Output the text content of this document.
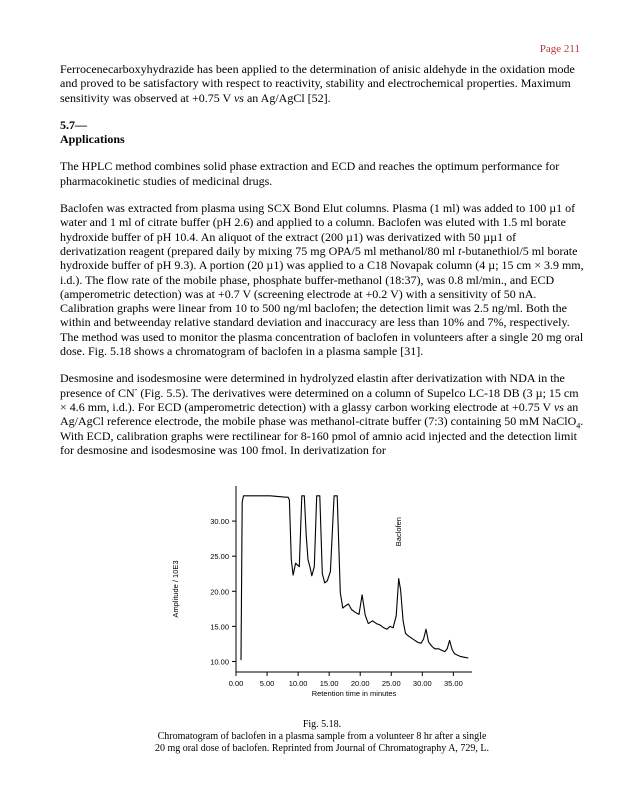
Page 211

Ferrocenecarboxyhydrazide has been applied to the determination of anisic aldehyde in the oxidation mode and proved to be satisfactory with respect to reactivity, stability and electrochemical properties. Maximum sensitivity was observed at +0.75 V vs an Ag/AgCl [52].

5.7—
Applications

The HPLC method combines solid phase extraction and ECD and reaches the optimum performance for pharmacokinetic studies of medicinal drugs.

Baclofen was extracted from plasma using SCX Bond Elut columns. Plasma (1 ml) was added to 100 µ1 of water and 1 ml of citrate buffer (pH 2.6) and applied to a column. Baclofen was eluted with 1.5 ml borate hydroxide buffer of pH 10.4. An aliquot of the extract (200 µ1) was derivatized with 50 µµ1 of derivatization reagent (prepared daily by mixing 75 mg OPA/5 ml methanol/80 ml t-butanethiol/5 ml borate hydroxide buffer of pH 9.3). A portion (20 µ1) was applied to a C18 Novapak column (4 µ; 15 cm × 3.9 mm, i.d.). The flow rate of the mobile phase, phosphate buffer-methanol (18:37), was 0.8 ml/min., and ECD (amperometric detection) was at +0.7 V (screening electrode at +0.2 V) with a sensitivity of 50 nA. Calibration graphs were linear from 10 to 500 ng/ml baclofen; the detection limit was 2.5 ng/ml. Both the within and betweenday relative standard deviation and inaccuracy are less than 10% and 7%, respectively. The method was used to monitor the plasma concentration of baclofen in volunteers after a single 20 mg oral dose. Fig. 5.18 shows a chromatogram of baclofen in a plasma sample [31].

Desmosine and isodesmosine were determined in hydrolyzed elastin after derivatization with NDA in the presence of CN- (Fig. 5.5). The derivatives were determined on a column of Supelco LC-18 DB (3 µ; 15 cm × 4.6 mm, i.d.). For ECD (amperometric detection) with a glassy carbon working electrode at +0.75 V vs an Ag/AgCl reference electrode, the mobile phase was methanol-citrate buffer (7:3) containing 50 mM NaClO$_4$. With ECD, calibration graphs were rectilinear for 8-160 pmol of amnio acid injected and the detection limit for desmosine and isodesmosine was 100 fmol. In derivatization for

10.00
15.00
20.00
25.00
30.00
0.00 5.00 10.00 15.00 20.00 25.00 30.00 35.00
Retention time in minutes
Amplitude / 10E3
Baclofen
Fig. 5.18.
Chromatogram of baclofen in a plasma sample from a volunteer 8 hr after a single
20 mg oral dose of baclofen. Reprinted from Journal of Chromatography A, 729, L.
